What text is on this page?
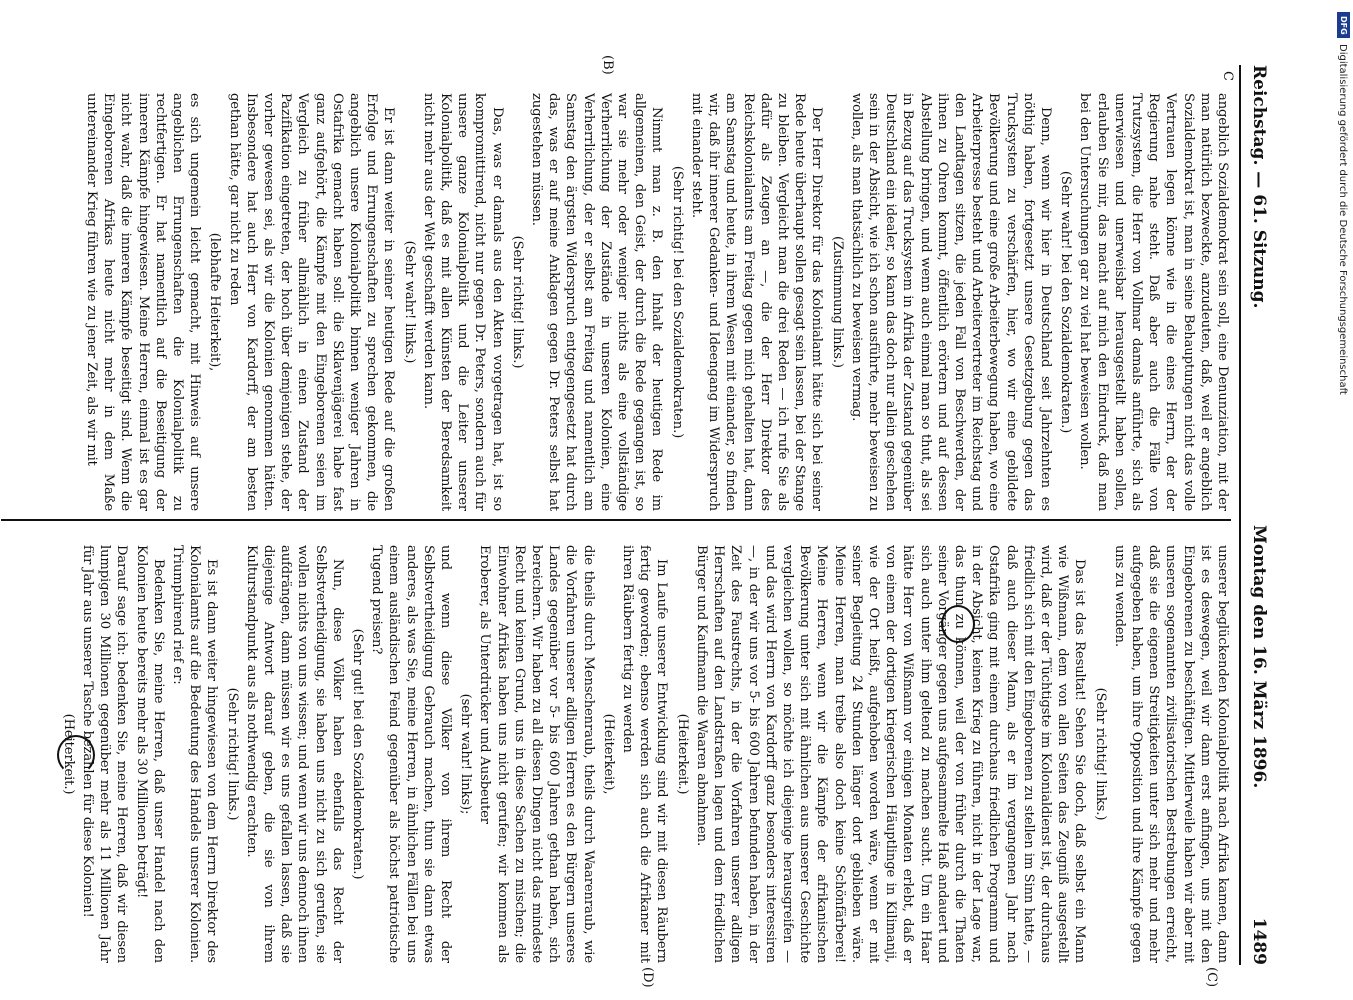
Reichstag. — 61. Sitzung.
Montag den 16. März 1896.
1489
C
(B)
(C)
(D)

angeblich Sozialdemokrat sein soll, eine Denunziation, mit der man natürlich bezweckte, anzudeuten, daß, weil er angeblich Sozialdemokrat ist, man in seine Behauptungen nicht das volle Vertrauen legen könne wie in die eines Herrn, der der Regierung nahe steht. Daß aber auch die Fälle von Trutzsystem, die Herr von Vollmar damals anführte, sich als unerwiesen und unerweisbar herausgestellt haben sollen, erlauben Sie mir, das macht auf mich den Eindruck, daß man bei den Untersuchungen gar zu viel hat beweisen wollen.

(Sehr wahr! bei den Sozialdemokraten.)

Denn, wenn wir hier in Deutschland seit Jahrzehnten es nöthig haben, fortgesetzt unsere Gesetzgebung gegen das Trucksystem zu verschärfen, hier, wo wir eine gebildete Bevölkerung und eine große Arbeiterbewegung haben, wo eine Arbeiterpresse besteht und Arbeitervertreter im Reichstag und den Landtagen sitzen, die jeden Fall von Beschwerden, der ihnen zu Ohren kommt, öffentlich erörtern und auf dessen Abstellung bringen, und wenn auch einmal man so thut, als sei in Bezug auf das Trucksystem in Afrika der Zustand gegenüber Deutschland ein idealer, so kann das doch nur allein geschehen sein in der Absicht, wie ich schon ausführte, mehr beweisen zu wollen, als man thatsächlich zu beweisen vermag.

(Zustimmung links.)

Der Herr Direktor für das Kolonialamt hätte sich bei seiner Rede heute überhaupt sollen gesagt sein lassen, bei der Stange zu bleiben. Vergleicht man die drei Reden — ich rufe Sie als dafür als Zeugen an —, die der Herr Direktor des Reichskolonialamts am Freitag gegen mich gehalten hat, dann am Samstag und heute, in ihrem Wesen mit einander, so finden wir, daß ihr innerer Gedanken- und Ideengang im Widerspruch mit einander steht.

(Sehr richtig! bei den Sozialdemokraten.)

Nimmt man z. B. den Inhalt der heutigen Rede im allgemeinen, den Geist, der durch die Rede gegangen ist, so war sie mehr oder weniger nichts als eine vollständige Verherrlichung der Zustände in unseren Kolonien, eine Verherrlichung, der er selbst am Freitag und namentlich am Samstag den ärgsten Widerspruch entgegengesetzt hat durch das, was er auf meine Anklagen gegen Dr. Peters selbst hat zugestehen müssen.

(Sehr richtig! links.)

Das, was er damals aus den Akten vorgetragen hat, ist so kompromittirend, nicht nur gegen Dr. Peters, sondern auch für unsere ganze Kolonialpolitik und die Leiter unserer Kolonialpolitik, daß es mit allen Künsten der Beredsamkeit nicht mehr aus der Welt geschafft werden kann.

(Sehr wahr! links.)

Er ist dann weiter in seiner heutigen Rede auf die großen Erfolge und Errungenschaften zu sprechen gekommen, die angeblich unsere Kolonialpolitik binnen weniger Jahren in Ostafrika gemacht haben soll: die Sklavenjägerei habe fast ganz aufgehört, die Kämpfe mit den Eingeborenen seien im Vergleich zu früher allmählich in einen Zustand der Pazifikation eingetreten, der hoch über demjenigen stehe, der vorher gewesen sei, als wir die Kolonien genommen hätten. Insbesondere hat auch Herr von Kardorff, der am besten gethan hätte, gar nicht zu reden

(lebhafte Heiterkeit),

es sich ungemein leicht gemacht, mit Hinweis auf unsere angeblichen Errungenschaften die Kolonialpolitik zu rechtfertigen. Er hat namentlich auf die Beseitigung der inneren Kämpfe hingewiesen. Meine Herren, einmal ist es gar nicht wahr, daß die inneren Kämpfe beseitigt sind. Wenn die Eingeborenen Afrikas heute nicht mehr in dem Maße untereinander Krieg führen wie zu jener Zeit, als wir mit

unserer beglückenden Kolonialpolitik nach Afrika kamen, dann ist es deswegen, weil wir dann erst anfingen, uns mit den Eingeborenen zu beschäftigen. Mittlerweile haben wir aber mit unseren sogenannten zivilisatorischen Bestrebungen erreicht, daß sie die eigenen Streitigkeiten unter sich mehr und mehr aufgegeben haben, um ihre Opposition und ihre Kämpfe gegen uns zu wenden.

(Sehr richtig! links.)

Das ist das Resultat! Sehen Sie doch, daß selbst ein Mann wie Wißmann, dem von allen Seiten das Zeugniß ausgestellt wird, daß er der Tüchtigste im Kolonialdienst ist, der durchaus friedlich sich mit den Eingeborenen zu stellen im Sinn hatte, — daß auch dieser Mann, als er im vergangenen Jahr nach Ostafrika ging mit einem durchaus friedlichen Programm und in der Absicht, keinen Krieg zu führen, nicht in der Lage war, das thun zu können, weil der von früher durch die Thaten seiner Vorgänger gegen uns aufgesammelte Haß andauert und sich auch unter ihm geltend zu machen sucht. Um ein Haar hätte Herr von Wißmann vor einigen Monaten erlebt, daß er von einem der dortigen kriegerischen Häuptlinge in Kilimanji, wie der Ort heißt, aufgehoben worden wäre, wenn er mit seiner Begleitung 24 Stunden länger dort geblieben wäre. Meine Herren, man treibe also doch keine Schönfärberei! Meine Herren, wenn wir die Kämpfe der afrikanischen Bevölkerung unter sich mit ähnlichen aus unserer Geschichte vergleichen wollen, so möchte ich diejenige herausgreifen — und das wird Herrn von Kardorff ganz besonders interessiren —, in der wir uns vor 5- bis 600 Jahren befunden haben, in der Zeit des Faustrechts, in der die Vorfahren unserer adligen Herrschaften auf den Landstraßen lagen und dem friedlichen Bürger und Kaufmann die Waaren abnahmen.

(Heiterkeit.)

Im Laufe unserer Entwicklung sind wir mit diesen Räubern fertig geworden; ebenso werden sich auch die Afrikaner mit ihren Räubern fertig zu werden

(Heiterkeit),

die theils durch Menschenraub, theils durch Waarenraub, wie die Vorfahren unserer adligen Herren es den Bürgern unseres Landes gegenüber vor 5- bis 600 Jahren gethan haben, sich bereichern. Wir haben zu all diesen Dingen nicht das mindeste Recht und keinen Grund, uns in diese Sachen zu mischen; die Einwohner Afrikas haben uns nicht gerufen; wir kommen als Eroberer, als Unterdrücker und Ausbeuter

(sehr wahr! links);

und wenn diese Völker von ihrem Recht der Selbstvertheidigung Gebrauch machen, thun sie dann etwas anderes, als was Sie, meine Herren, in ähnlichen Fällen bei uns einem ausländischen Feind gegenüber als höchst patriotische Tugend preisen?

(Sehr gut! bei den Sozialdemokraten.)

Nun, diese Völker haben ebenfalls das Recht der Selbstvertheidigung, sie haben uns nicht zu sich gerufen, sie wollen nichts von uns wissen; und wenn wir uns dennoch ihnen aufdrängen, dann müssen wir es uns gefallen lassen, daß sie diejenige Antwort darauf geben, die sie von ihrem Kulturstandpunkt aus als nothwendig erachten.

(Sehr richtig! links.)

Es ist dann weiter hingewiesen von dem Herrn Direktor des Kolonialamts auf die Bedeutung des Handels unserer Kolonien. Triumphirend rief er:

Bedenken Sie, meine Herren, daß unser Handel nach den Kolonien heute bereits mehr als 30 Millionen beträgt!

Darauf sage ich: bedenken Sie, meine Herren, daß wir diesen lumpigen 30 Millionen gegenüber mehr als 11 Millionen Jahr für Jahr aus unserer Tasche bezahlen für diese Kolonien!

(Heiterkeit.)

DFG
Digitalisierung gefördert durch die Deutsche Forschungsgemeinschaft
